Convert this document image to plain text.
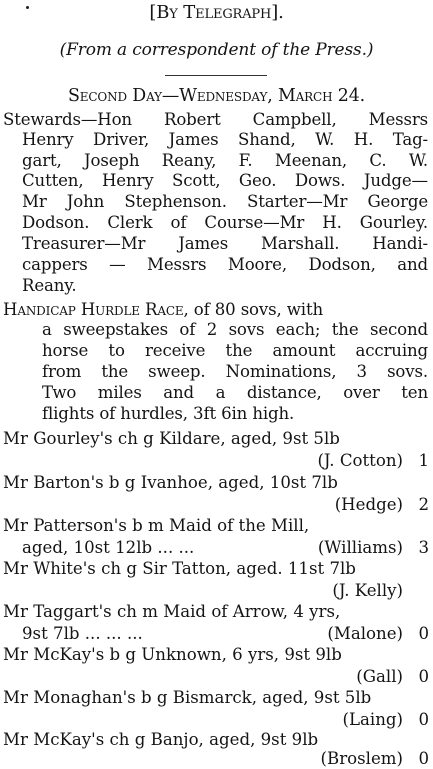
[By Telegraph].
(From a correspondent of the Press.)
Second Day—Wednesday, March 24.
Stewards—Hon Robert Campbell, Messrs
Henry Driver, James Shand, W. H. Tag-
gart, Joseph Reany, F. Meenan, C. W.
Cutten, Henry Scott, Geo. Dows. Judge—
Mr John Stephenson. Starter—Mr George
Dodson. Clerk of Course—Mr H. Gourley.
Treasurer—Mr James Marshall. Handi-
cappers — Messrs Moore, Dodson, and
Reany.
Handicap Hurdle Race, of 80 sovs, with
a sweepstakes of 2 sovs each; the second
horse to receive the amount accruing
from the sweep. Nominations, 3 sovs.
Two miles and a distance, over ten
flights of hurdles, 3ft 6in high.
Mr Gourley's ch g Kildare, aged, 9st 5lb
(J. Cotton) 1
Mr Barton's b g Ivanhoe, aged, 10st 7lb
(Hedge) 2
Mr Patterson's b m Maid of the Mill,
aged, 10st 12lb ... ...	(Williams) 3
Mr White's ch g Sir Tatton, aged. 11st 7lb
(J. Kelly)
Mr Taggart's ch m Maid of Arrow, 4 yrs,
9st 7lb ... ... ...	(Malone) 0
Mr McKay's b g Unknown, 6 yrs, 9st 9lb
(Gall) 0
Mr Monaghan's b g Bismarck, aged, 9st 5lb
(Laing) 0
Mr McKay's ch g Banjo, aged, 9st 9lb
(Broslem) 0
